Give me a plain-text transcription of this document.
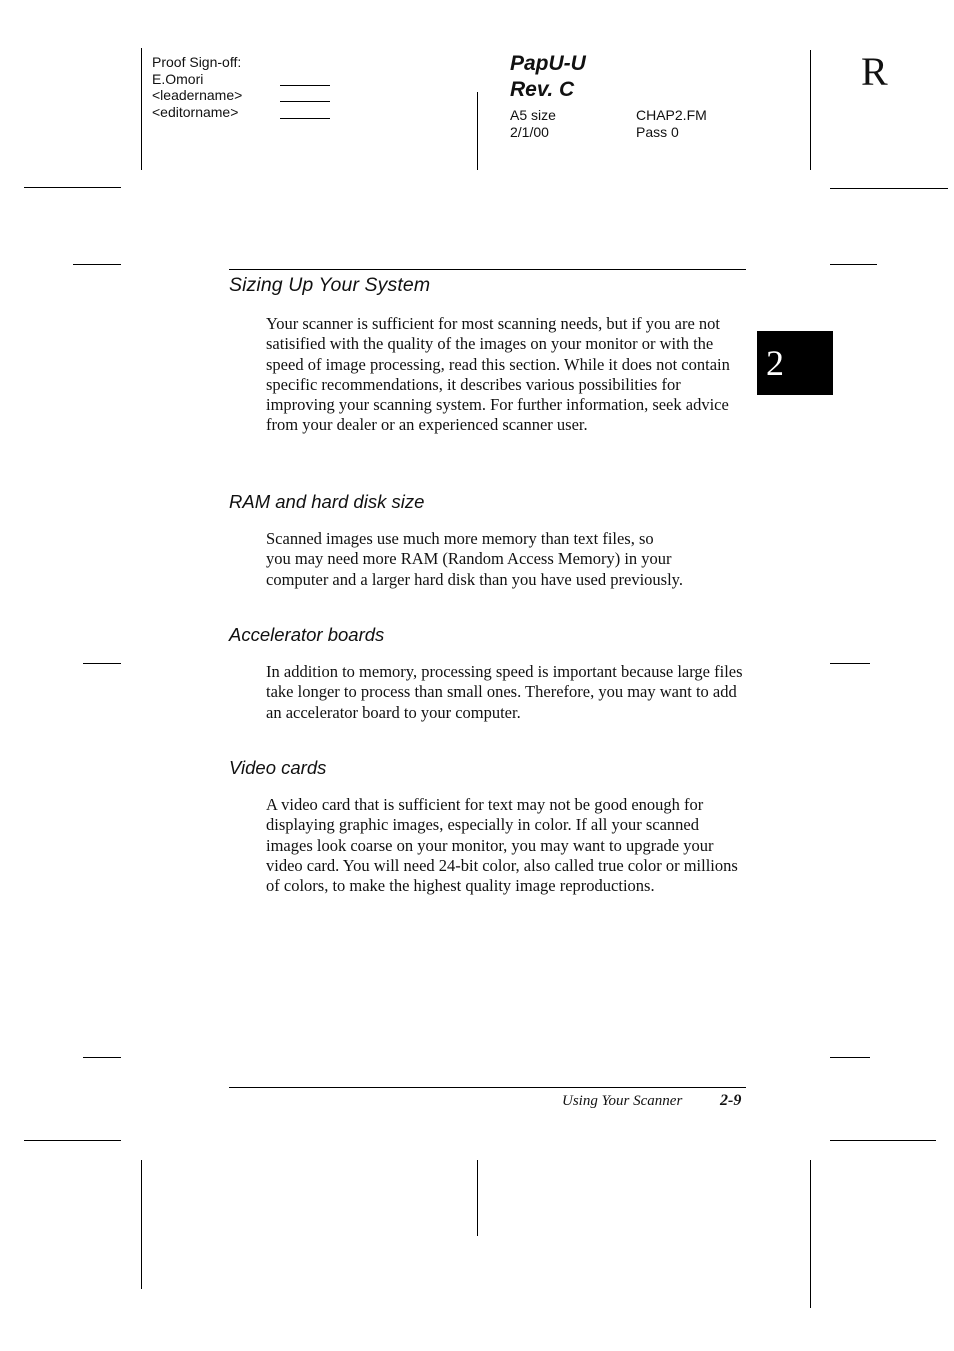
Proof Sign-off:
E.Omori
<leadername>
<editorname>
PapU-U
Rev. C
A5 size
2/1/00
CHAP2.FM
Pass 0
R
2
Sizing Up Your System

Your scanner is sufficient for most scanning needs, but if you are not satisified with the quality of the images on your monitor or with the speed of image processing, read this section. While it does not contain specific recommendations, it describes various possibilities for improving your scanning system. For further information, seek advice from your dealer or an experienced scanner user.

RAM and hard disk size

Scanned images use much more memory than text files, so
you may need more RAM (Random Access Memory) in your
computer and a larger hard disk than you have used previously.

Accelerator boards

In addition to memory, processing speed is important because large files take longer to process than small ones. Therefore, you may want to add an accelerator board to your computer.

Video cards

A video card that is sufficient for text may not be good enough for displaying graphic images, especially in color. If all your scanned images look coarse on your monitor, you may want to upgrade your video card. You will need 24-bit color, also called true color or millions of colors, to make the highest quality image reproductions.

Using Your Scanner 2-9
